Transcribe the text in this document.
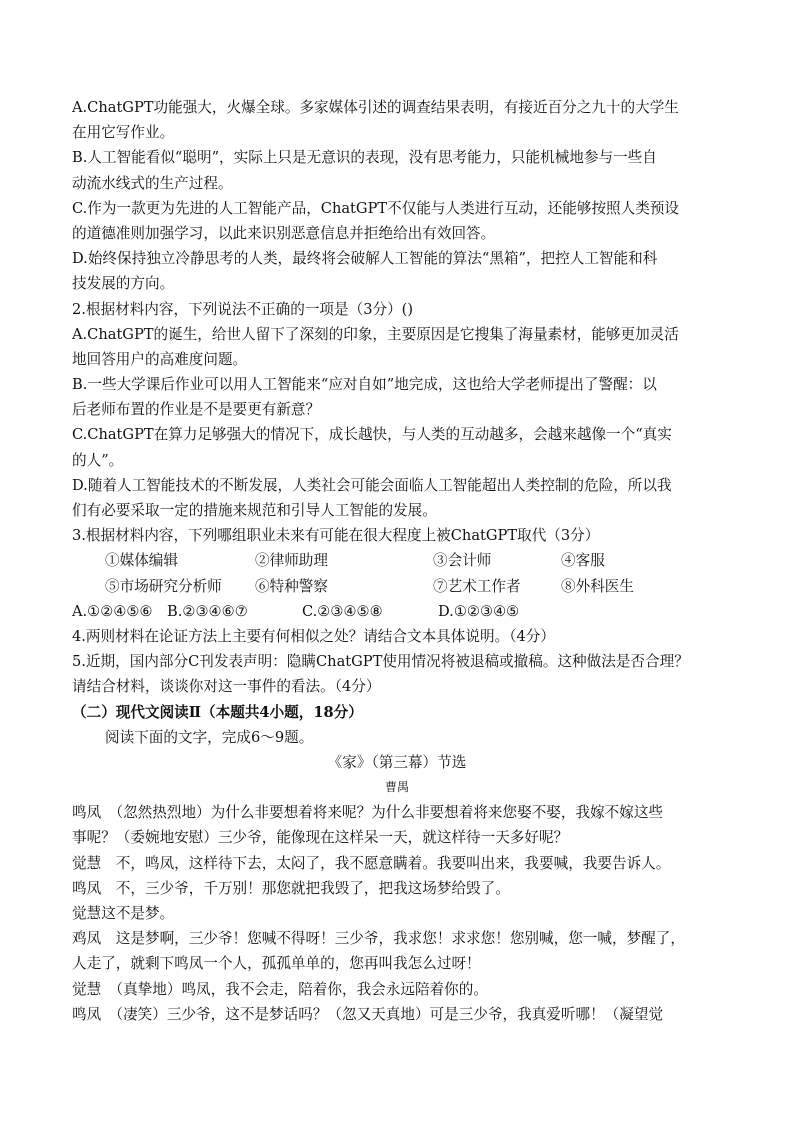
A.ChatGPT功能强大，火爆全球。多家媒体引述的调查结果表明，有接近百分之九十的大学生
在用它写作业。
B.人工智能看似“聪明”，实际上只是无意识的表现，没有思考能力，只能机械地参与一些自
动流水线式的生产过程。
C.作为一款更为先进的人工智能产品，ChatGPT不仅能与人类进行互动，还能够按照人类预设
的道德准则加强学习，以此来识别恶意信息并拒绝给出有效回答。
D.始终保持独立冷静思考的人类，最终将会破解人工智能的算法“黑箱”，把控人工智能和科
技发展的方向。
2.根据材料内容，下列说法不正确的一项是（3分）()
A.ChatGPT的诞生，给世人留下了深刻的印象，主要原因是它搜集了海量素材，能够更加灵活
地回答用户的高难度问题。
B.一些大学课后作业可以用人工智能来“应对自如”地完成，这也给大学老师提出了警醒：以
后老师布置的作业是不是要更有新意？
C.ChatGPT在算力足够强大的情况下，成长越快，与人类的互动越多，会越来越像一个“真实
的人”。
D.随着人工智能技术的不断发展，人类社会可能会面临人工智能超出人类控制的危险，所以我
们有必要采取一定的措施来规范和引导人工智能的发展。
3.根据材料内容，下列哪组职业未来有可能在很大程度上被ChatGPT取代（3分）
①媒体编辑	②律师助理	③会计师	④客服
⑤市场研究分析师	⑥特种警察	⑦艺术工作者	⑧外科医生
A.①②④⑤⑥ B.②③④⑥⑦	C.②③④⑤⑧	D.①②③④⑤
4.两则材料在论证方法上主要有何相似之处？请结合文本具体说明。（4分）
5.近期，国内部分C刊发表声明：隐瞒ChatGPT使用情况将被退稿或撤稿。这种做法是否合理？
请结合材料，谈谈你对这一事件的看法。（4分）
（二）现代文阅读Ⅱ（本题共4小题，18分）
阅读下面的文字，完成6～9题。
《家》（第三幕）节选
曹禺
鸣凤　（忽然热烈地）为什么非要想着将来呢？为什么非要想着将来您娶不娶，我嫁不嫁这些
事呢？（委婉地安慰）三少爷，能像现在这样呆一天，就这样待一天多好呢？
觉慧　不，鸣凤，这样待下去，太闷了，我不愿意瞒着。我要叫出来，我要喊，我要告诉人。
鸣凤　不，三少爷，千万别！那您就把我毁了，把我这场梦给毁了。
觉慧这不是梦。
鸡凤　这是梦啊，三少爷！您喊不得呀！三少爷，我求您！求求您！您别喊，您一喊，梦醒了，
人走了，就剩下鸣凤一个人，孤孤单单的，您再叫我怎么过呀！
觉慧　（真挚地）鸣凤，我不会走，陪着你，我会永远陪着你的。
鸣凤　（凄笑）三少爷，这不是梦话吗？（忽又天真地）可是三少爷，我真爱听哪！（凝望觉
